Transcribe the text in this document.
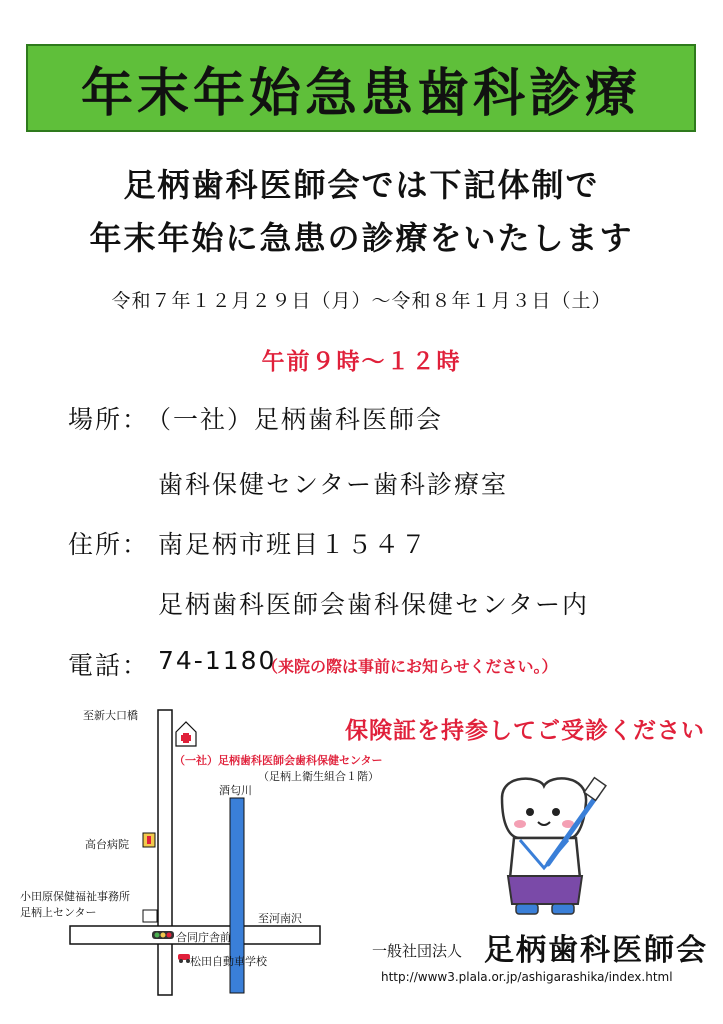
年末年始急患歯科診療
足柄歯科医師会では下記体制で
年末年始に急患の診療をいたします
令和７年１２月２９日（月）～令和８年１月３日（土）
午前９時～１２時
場所：
（一社）足柄歯科医師会
歯科保健センター歯科診療室
住所： 南足柄市班目１５４７
足柄歯科医師会歯科保健センター内
電話： 74-1180
（来院の際は事前にお知らせください。）
保険証を持参してご受診ください
至新大口橋
（一社）足柄歯科医師会歯科保健センター
（足柄上衛生組合１階）
酒匂川
高台病院
小田原保健福祉事務所
足柄上センター	至河南沢
合同庁舎前
松田自動車学校
一般社団法人 足柄歯科医師会
http://www3.plala.or.jp/ashigarashika/index.html
